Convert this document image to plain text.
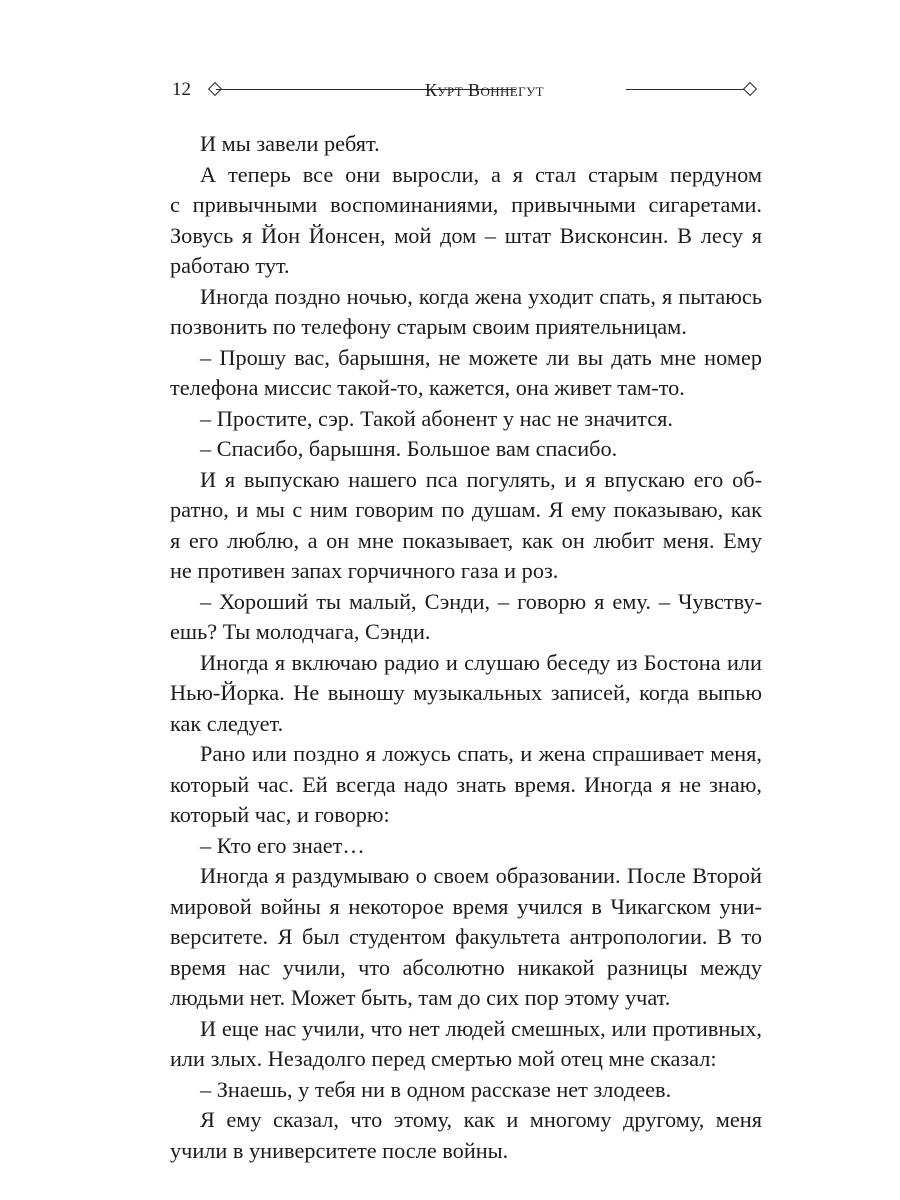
12	Курт Воннегут
И мы завели ребят.
А теперь все они выросли, а я стал старым пердуном
с привычными воспоминаниями, привычными сигаретами.
Зовусь я Йон Йонсен, мой дом – штат Висконсин. В лесу я
работаю тут.
Иногда поздно ночью, когда жена уходит спать, я пытаюсь
позвонить по телефону старым своим приятельницам.
– Прошу вас, барышня, не можете ли вы дать мне номер
телефона миссис такой-то, кажется, она живет там-то.
– Простите, сэр. Такой абонент у нас не значится.
– Спасибо, барышня. Большое вам спасибо.
И я выпускаю нашего пса погулять, и я впускаю его об-
ратно, и мы с ним говорим по душам. Я ему показываю, как
я его люблю, а он мне показывает, как он любит меня. Ему
не противен запах горчичного газа и роз.
– Хороший ты малый, Сэнди, – говорю я ему. – Чувству-
ешь? Ты молодчага, Сэнди.
Иногда я включаю радио и слушаю беседу из Бостона или
Нью-Йорка. Не выношу музыкальных записей, когда выпью
как следует.
Рано или поздно я ложусь спать, и жена спрашивает меня,
который час. Ей всегда надо знать время. Иногда я не знаю,
который час, и говорю:
– Кто его знает…
Иногда я раздумываю о своем образовании. После Второй
мировой войны я некоторое время учился в Чикагском уни-
верситете. Я был студентом факультета антропологии. В то
время нас учили, что абсолютно никакой разницы между
людьми нет. Может быть, там до сих пор этому учат.
И еще нас учили, что нет людей смешных, или противных,
или злых. Незадолго перед смертью мой отец мне сказал:
– Знаешь, у тебя ни в одном рассказе нет злодеев.
Я ему сказал, что этому, как и многому другому, меня
учили в университете после войны.
